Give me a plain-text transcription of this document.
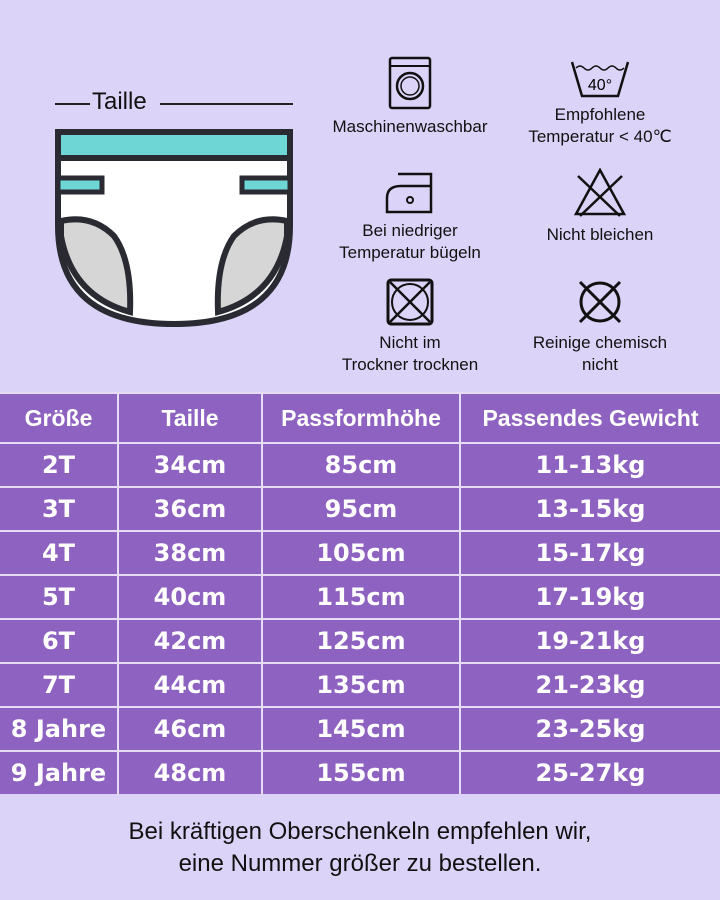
Taille
Maschinenwaschbar
40°
Empfohlene
Temperatur < 40℃
Bei niedriger
Temperatur bügeln
Nicht bleichen
Nicht im
Trockner trocknen
Reinige chemisch
nicht
Größe	Taille	Passformhöhe	Passendes Gewicht
2T	34cm	85cm	11-13kg
3T	36cm	95cm	13-15kg
4T	38cm	105cm	15-17kg
5T	40cm	115cm	17-19kg
6T	42cm	125cm	19-21kg
7T	44cm	135cm	21-23kg
8 Jahre	46cm	145cm	23-25kg
9 Jahre	48cm	155cm	25-27kg
Bei kräftigen Oberschenkeln empfehlen wir,
eine Nummer größer zu bestellen.
